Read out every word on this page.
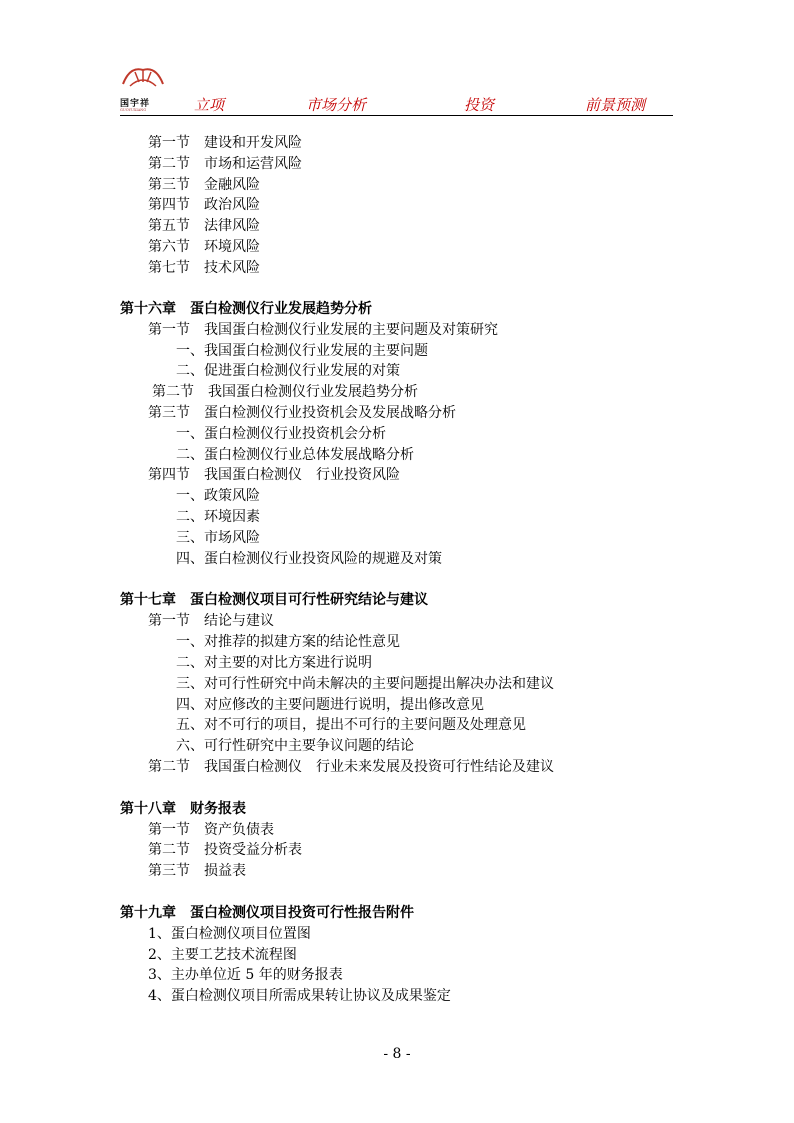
国宇祥
GUOYUXIANG	立项	市场分析	投资	前景预测
第一节　建设和开发风险
第二节　市场和运营风险
第三节　金融风险
第四节　政治风险
第五节　法律风险
第六节　环境风险
第七节　技术风险
第十六章　蛋白检测仪行业发展趋势分析
第一节　我国蛋白检测仪行业发展的主要问题及对策研究
一、我国蛋白检测仪行业发展的主要问题
二、促进蛋白检测仪行业发展的对策
第二节　我国蛋白检测仪行业发展趋势分析
第三节　蛋白检测仪行业投资机会及发展战略分析
一、蛋白检测仪行业投资机会分析
二、蛋白检测仪行业总体发展战略分析
第四节　我国蛋白检测仪　行业投资风险
一、政策风险
二、环境因素
三、市场风险
四、蛋白检测仪行业投资风险的规避及对策
第十七章　蛋白检测仪项目可行性研究结论与建议
第一节　结论与建议
一、对推荐的拟建方案的结论性意见
二、对主要的对比方案进行说明
三、对可行性研究中尚未解决的主要问题提出解决办法和建议
四、对应修改的主要问题进行说明，提出修改意见
五、对不可行的项目，提出不可行的主要问题及处理意见
六、可行性研究中主要争议问题的结论
第二节　我国蛋白检测仪　行业未来发展及投资可行性结论及建议
第十八章　财务报表
第一节　资产负债表
第二节　投资受益分析表
第三节　损益表
第十九章　蛋白检测仪项目投资可行性报告附件
1、蛋白检测仪项目位置图
2、主要工艺技术流程图
3、主办单位近 5 年的财务报表
4、蛋白检测仪项目所需成果转让协议及成果鉴定
- 8 -
